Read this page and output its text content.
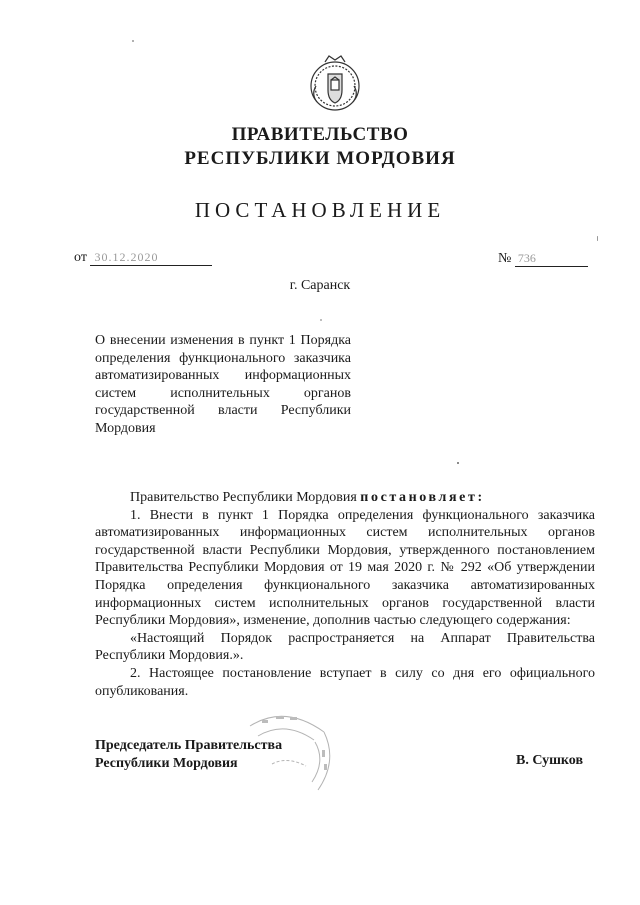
ПРАВИТЕЛЬСТВО
РЕСПУБЛИКИ МОРДОВИЯ
ПОСТАНОВЛЕНИЕ
от 30.12.2020	№ 736
г. Саранск

О внесении изменения в пункт 1 Порядка определения функционального заказчика автоматизированных информационных систем исполнительных органов государственной власти Республики Мордовия

Правительство Республики Мордовия постановляет:

1. Внести в пункт 1 Порядка определения функционального заказчика автоматизированных информационных систем исполнительных органов государственной власти Республики Мордовия, утвержденного постановлением Правительства Республики Мордовия от 19 мая 2020 г. № 292 «Об утверждении Порядка определения функционального заказчика автоматизированных информационных систем исполнительных органов государственной власти Республики Мордовия», изменение, дополнив частью следующего содержания:

«Настоящий Порядок распространяется на Аппарат Правительства Республики Мордовия.».

2. Настоящее постановление вступает в силу со дня его официального опубликования.

Председатель Правительства
Республики Мордовия	В. Сушков
